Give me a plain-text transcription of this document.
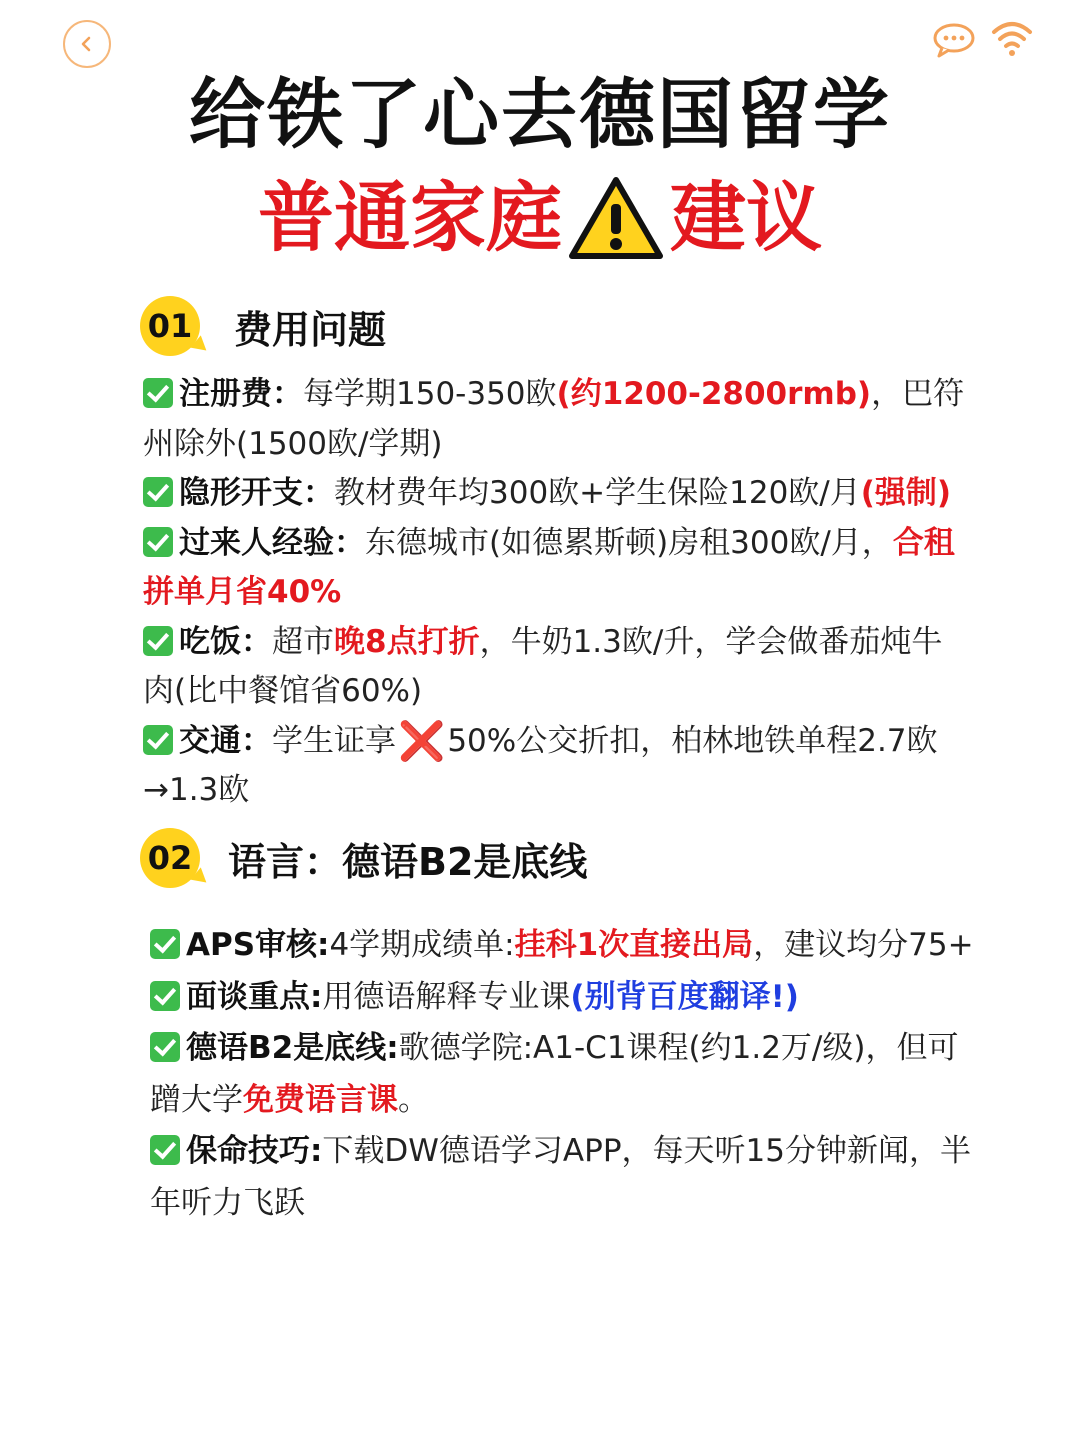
给铁了心去德国留学
普通家庭 建议
01 费用问题
注册费：每学期150-350欧(约1200-2800rmb)，巴符州除外(1500欧/学期)
隐形开支：教材费年均300欧+学生保险120欧/月(强制)
过来人经验：东德城市(如德累斯顿)房租300欧/月，合租拼单月省40%
吃饭：超市晚8点打折，牛奶1.3欧/升，学会做番茄炖牛肉(比中餐馆省60%)
交通：学生证享❌50%公交折扣，柏林地铁单程2.7欧→1.3欧
02 语言：德语B2是底线
APS审核:4学期成绩单:挂科1次直接出局，建议均分75+
面谈重点:用德语解释专业课(别背百度翻译!)
德语B2是底线:歌德学院:A1-C1课程(约1.2万/级)，但可蹭大学免费语言课。
保命技巧:下载DW德语学习APP，每天听15分钟新闻，半年听力飞跃
